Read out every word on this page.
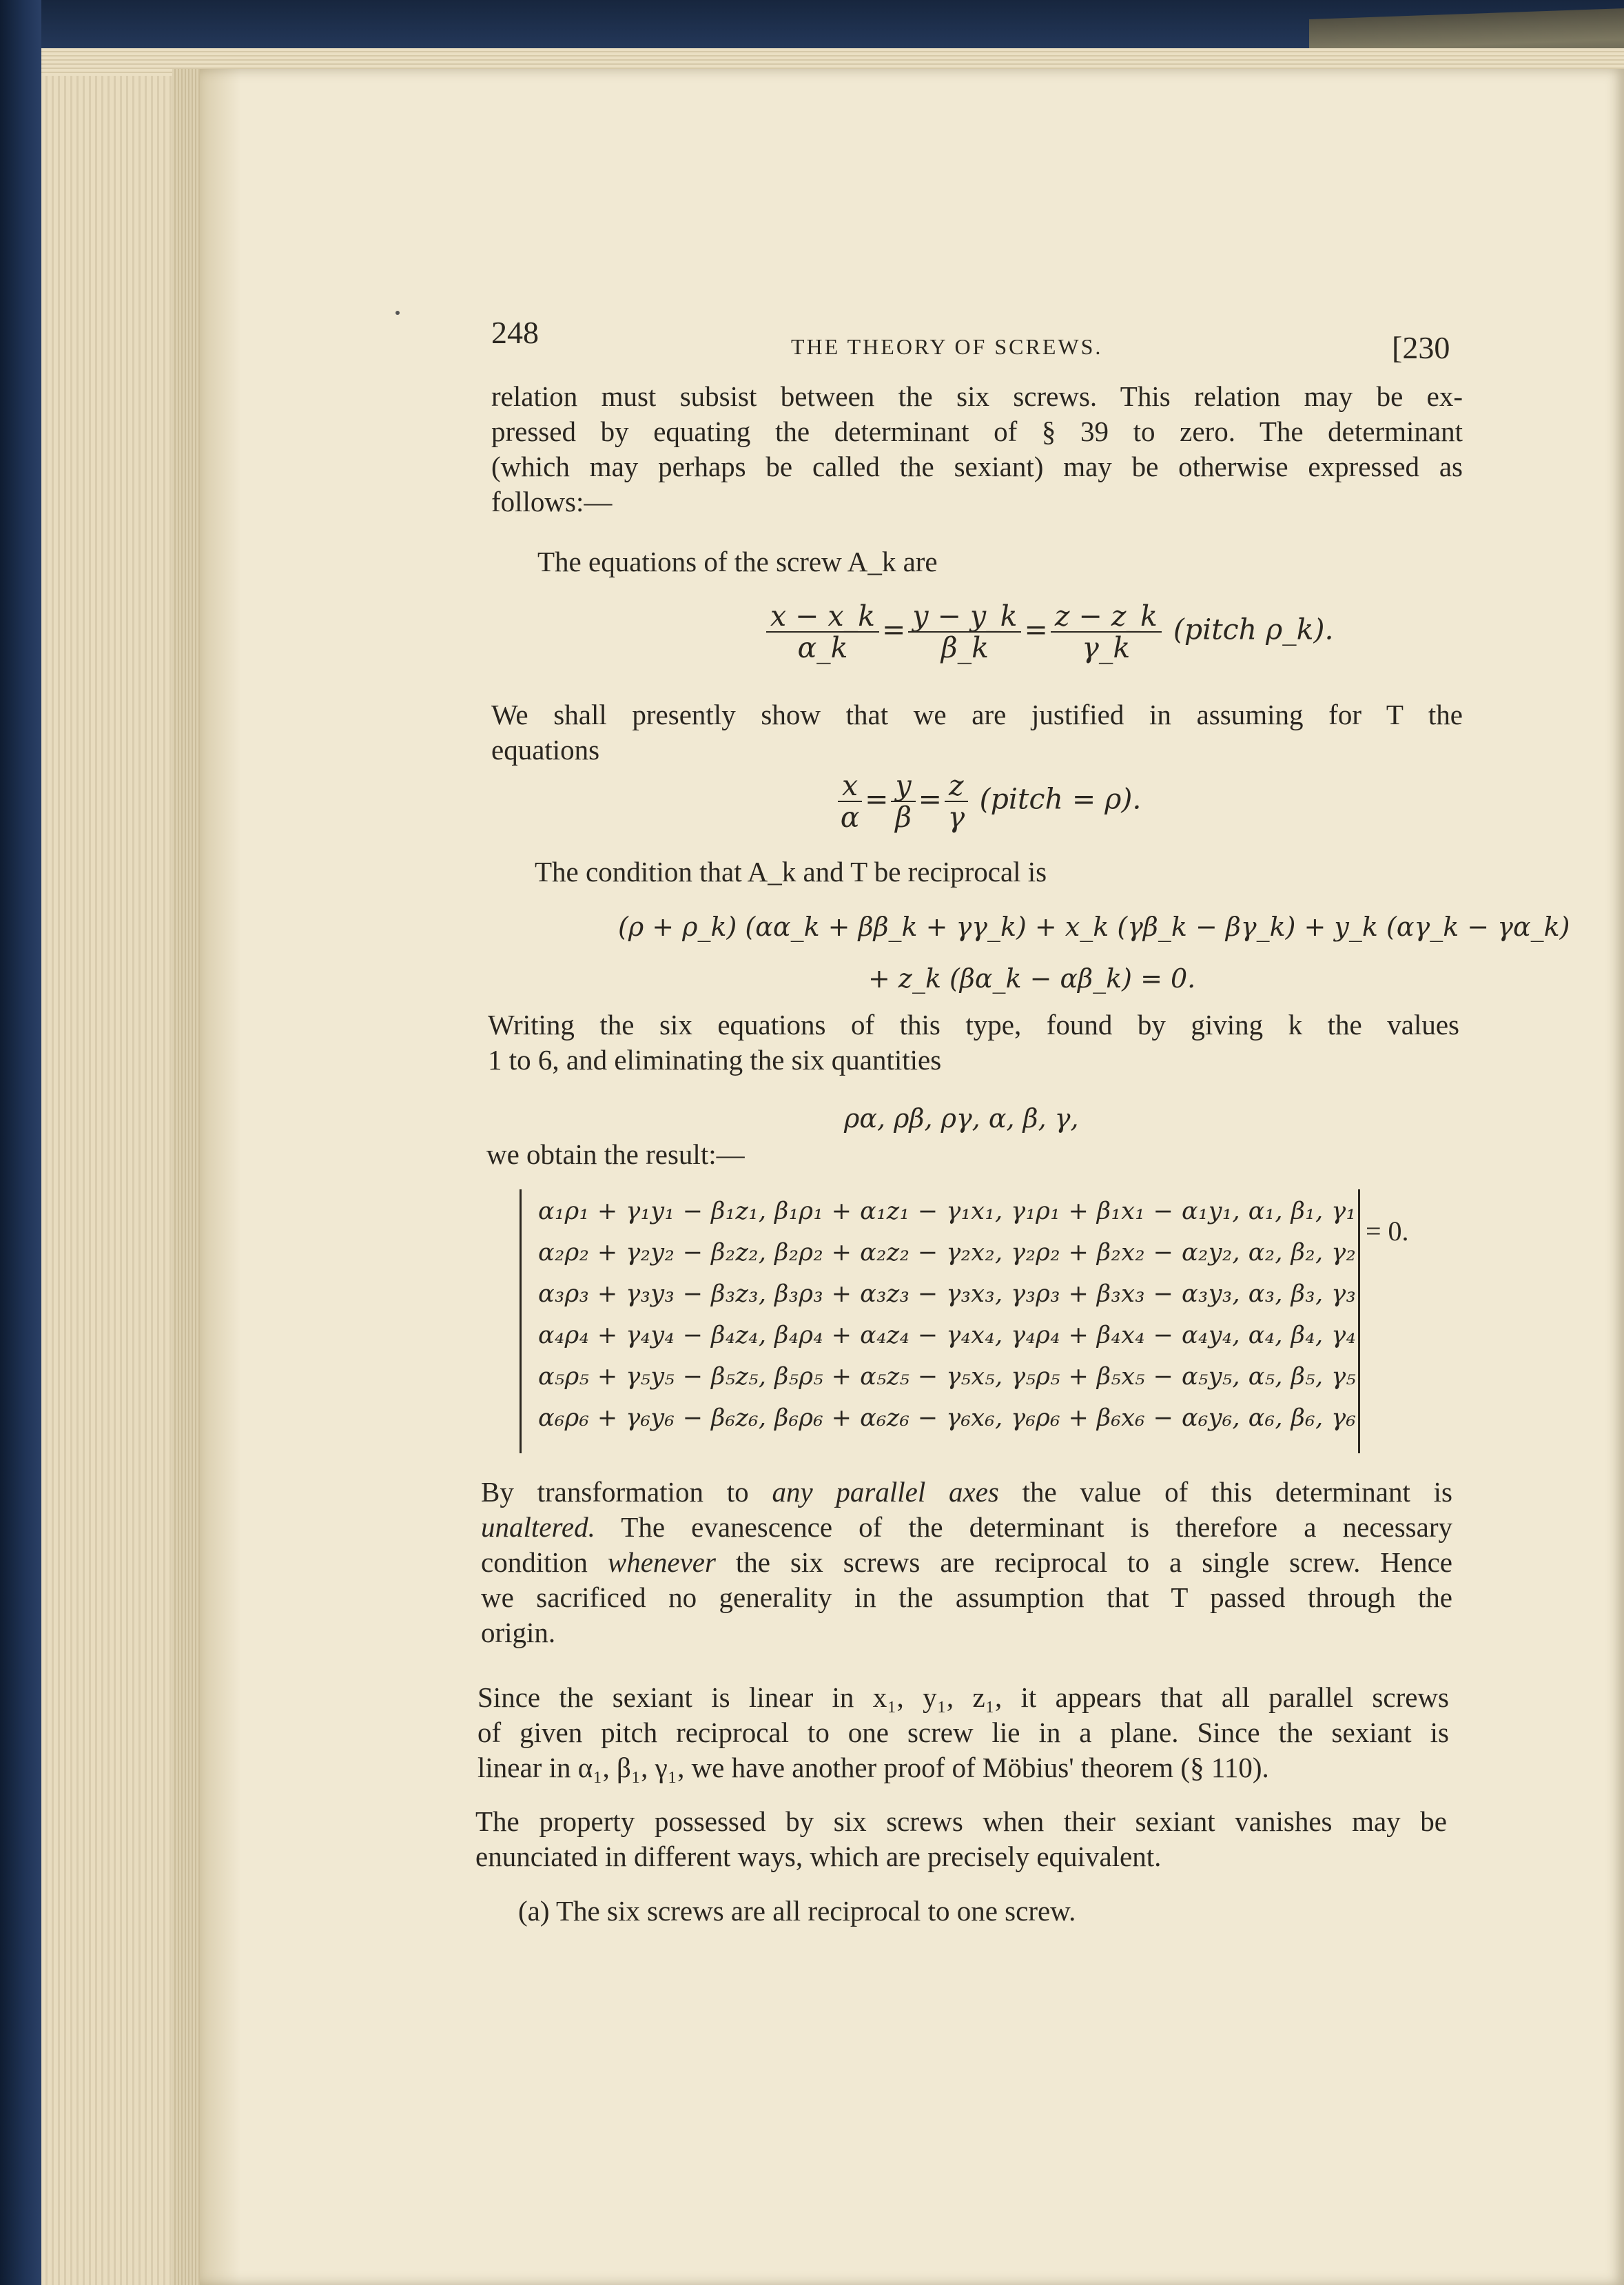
248	THE THEORY OF SCREWS.	[230
relation must subsist between the six screws. This relation may be ex-
pressed by equating the determinant of § 39 to zero. The determinant
(which may perhaps be called the sexiant) may be otherwise expressed as
follows:—
The equations of the screw A_k are
$\frac{x - x\_k}{\alpha\_k} = \frac{y - y\_k}{\beta\_k} = \frac{z - z\_k}{\gamma\_k}$ (pitch ρ_k).
We shall presently show that we are justified in assuming for T the
equations
$\frac{x}{\alpha} = \frac{y}{\beta} = \frac{z}{\gamma}$ (pitch = ρ).
The condition that A_k and T be reciprocal is
(ρ + ρ_k) (αα_k + ββ_k + γγ_k) + x_k (γβ_k − βγ_k) + y_k (αγ_k − γα_k)
+ z_k (βα_k − αβ_k) = 0.
Writing the six equations of this type, found by giving k the values
1 to 6, and eliminating the six quantities
ρα, ρβ, ργ, α, β, γ,
we obtain the result:—
α₁ρ₁ + γ₁y₁ − β₁z₁, β₁ρ₁ + α₁z₁ − γ₁x₁, γ₁ρ₁ + β₁x₁ − α₁y₁, α₁, β₁, γ₁
α₂ρ₂ + γ₂y₂ − β₂z₂, β₂ρ₂ + α₂z₂ − γ₂x₂, γ₂ρ₂ + β₂x₂ − α₂y₂, α₂, β₂, γ₂
α₃ρ₃ + γ₃y₃ − β₃z₃, β₃ρ₃ + α₃z₃ − γ₃x₃, γ₃ρ₃ + β₃x₃ − α₃y₃, α₃, β₃, γ₃
α₄ρ₄ + γ₄y₄ − β₄z₄, β₄ρ₄ + α₄z₄ − γ₄x₄, γ₄ρ₄ + β₄x₄ − α₄y₄, α₄, β₄, γ₄
α₅ρ₅ + γ₅y₅ − β₅z₅, β₅ρ₅ + α₅z₅ − γ₅x₅, γ₅ρ₅ + β₅x₅ − α₅y₅, α₅, β₅, γ₅
α₆ρ₆ + γ₆y₆ − β₆z₆, β₆ρ₆ + α₆z₆ − γ₆x₆, γ₆ρ₆ + β₆x₆ − α₆y₆, α₆, β₆, γ₆
= 0.
By transformation to any parallel axes the value of this determinant is
unaltered. The evanescence of the determinant is therefore a necessary
condition whenever the six screws are reciprocal to a single screw. Hence
we sacrificed no generality in the assumption that T passed through the
origin.
Since the sexiant is linear in x₁, y₁, z₁, it appears that all parallel screws
of given pitch reciprocal to one screw lie in a plane. Since the sexiant is
linear in α₁, β₁, γ₁, we have another proof of Möbius' theorem (§ 110).
The property possessed by six screws when their sexiant vanishes may be
enunciated in different ways, which are precisely equivalent.
(a) The six screws are all reciprocal to one screw.
